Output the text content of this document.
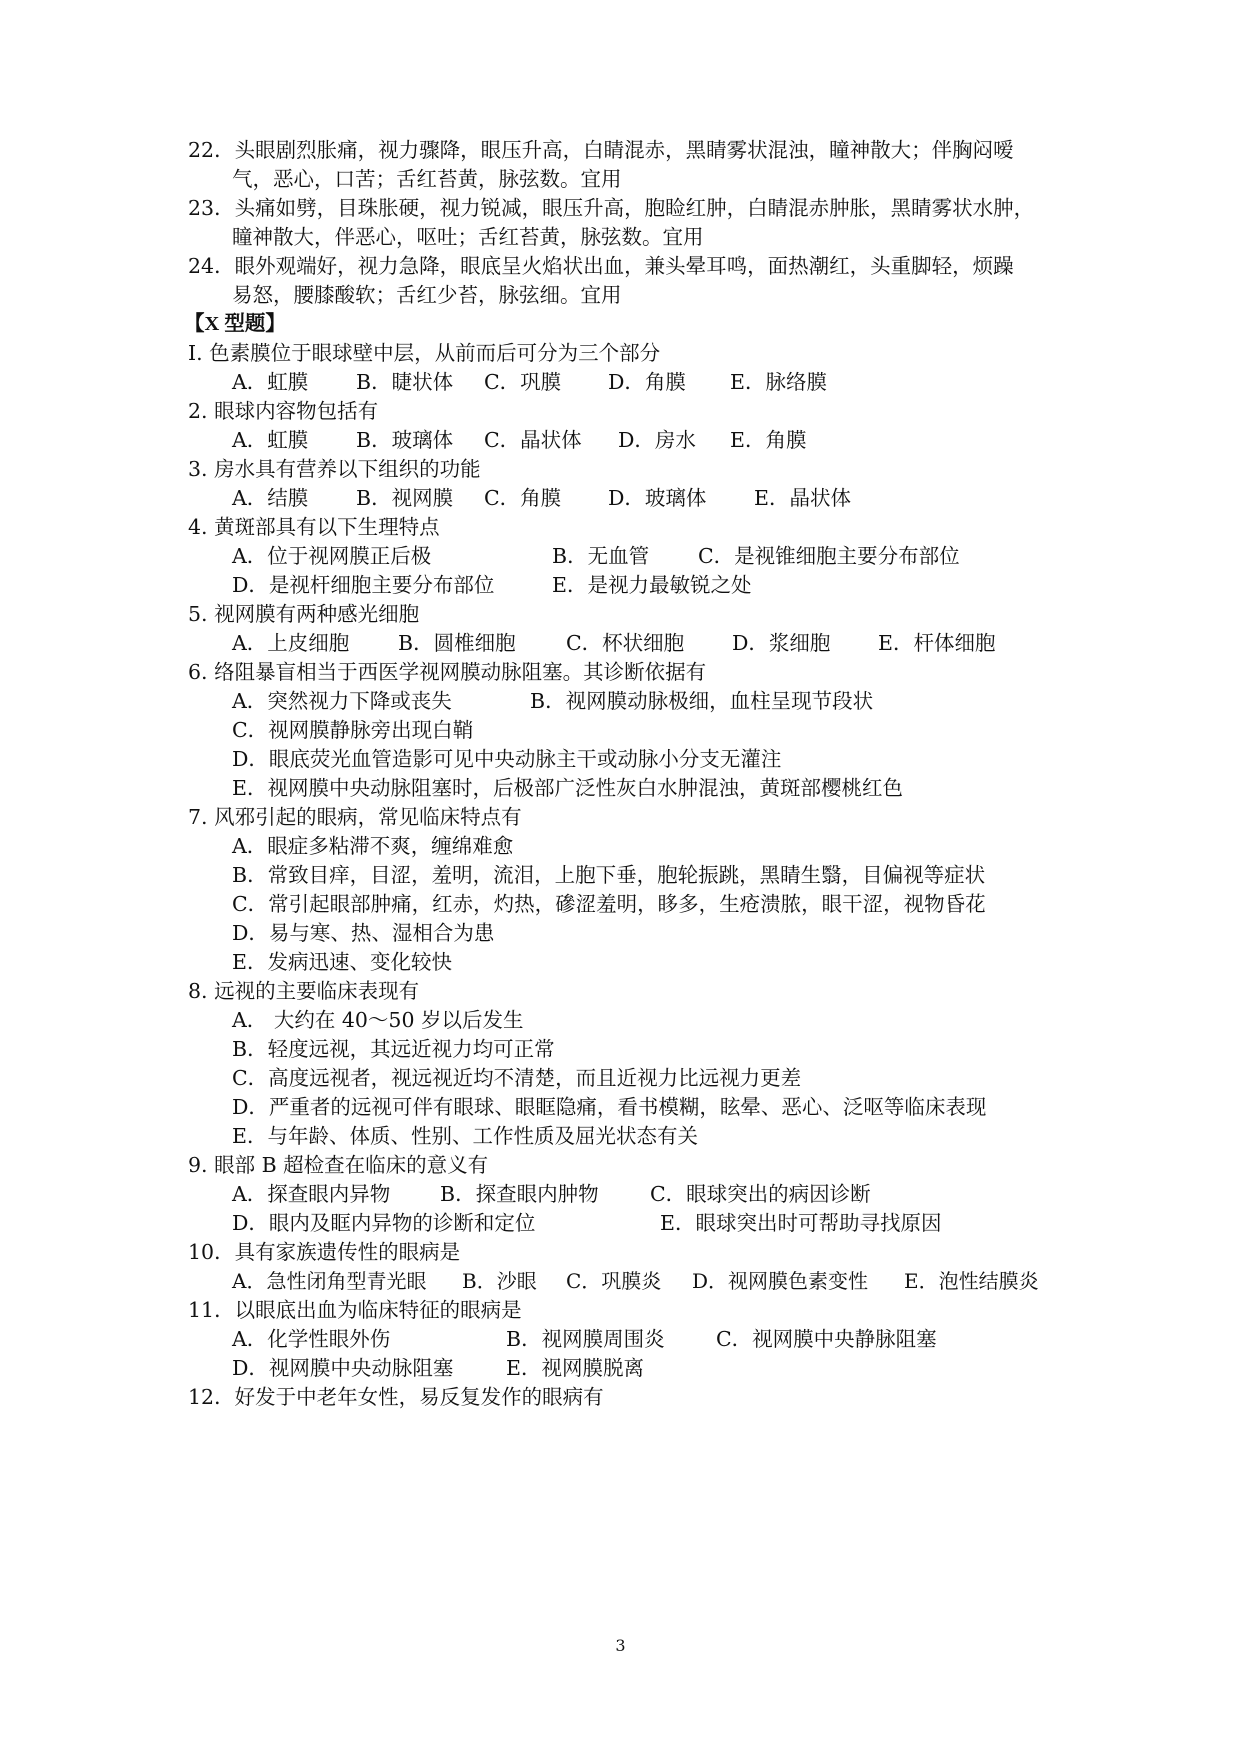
22．头眼剧烈胀痛，视力骤降，眼压升高，白睛混赤，黑睛雾状混浊，瞳神散大；伴胸闷嗳
气，恶心，口苦；舌红苔黄，脉弦数。宜用
23．头痛如劈，目珠胀硬，视力锐减，眼压升高，胞睑红肿，白睛混赤肿胀，黑睛雾状水肿，
瞳神散大，伴恶心，呕吐；舌红苔黄，脉弦数。宜用
24．眼外观端好，视力急降，眼底呈火焰状出血，兼头晕耳鸣，面热潮红，头重脚轻，烦躁
易怒，腰膝酸软；舌红少苔，脉弦细。宜用
【X 型题】
I. 色素膜位于眼球壁中层，从前而后可分为三个部分
A．虹膜 B．睫状体 C．巩膜 D．角膜 E．脉络膜
2. 眼球内容物包括有
A．虹膜 B．玻璃体 C．晶状体 D．房水 E．角膜
3. 房水具有营养以下组织的功能
A．结膜 B．视网膜 C．角膜 D．玻璃体 E．晶状体
4. 黄斑部具有以下生理特点
A．位于视网膜正后极	B．无血管 C．是视锥细胞主要分布部位
D．是视杆细胞主要分布部位	E．是视力最敏锐之处
5. 视网膜有两种感光细胞
A．上皮细胞 B．圆椎细胞 C．杯状细胞 D．浆细胞 E．杆体细胞
6. 络阻暴盲相当于西医学视网膜动脉阻塞。其诊断依据有
A．突然视力下降或丧失	B．视网膜动脉极细，血柱呈现节段状
C．视网膜静脉旁出现白鞘
D．眼底荧光血管造影可见中央动脉主干或动脉小分支无灌注
E．视网膜中央动脉阻塞时，后极部广泛性灰白水肿混浊，黄斑部樱桃红色
7. 风邪引起的眼病，常见临床特点有
A．眼症多粘滞不爽，缠绵难愈
B．常致目痒，目涩，羞明，流泪，上胞下垂，胞轮振跳，黑睛生翳，目偏视等症状
C．常引起眼部肿痛，红赤，灼热，磣涩羞明，眵多，生疮溃脓，眼干涩，视物昏花
D．易与寒、热、湿相合为患
E．发病迅速、变化较快
8. 远视的主要临床表现有
A． 大约在 40～50 岁以后发生
B．轻度远视，其远近视力均可正常
C．高度远视者，视远视近均不清楚，而且近视力比远视力更差
D．严重者的远视可伴有眼球、眼眶隐痛，看书模糊，眩晕、恶心、泛呕等临床表现
E．与年龄、体质、性别、工作性质及屈光状态有关
9. 眼部 B 超检查在临床的意义有
A．探查眼内异物 B．探查眼内肿物	C．眼球突出的病因诊断
D．眼内及眶内异物的诊断和定位	E．眼球突出时可帮助寻找原因
10．具有家族遗传性的眼病是
A．急性闭角型青光眼 B．沙眼 C．巩膜炎 D．视网膜色素变性 E．泡性结膜炎
11．以眼底出血为临床特征的眼病是
A．化学性眼外伤	B．视网膜周围炎	C．视网膜中央静脉阻塞
D．视网膜中央动脉阻塞	E．视网膜脱离
12．好发于中老年女性，易反复发作的眼病有
3
